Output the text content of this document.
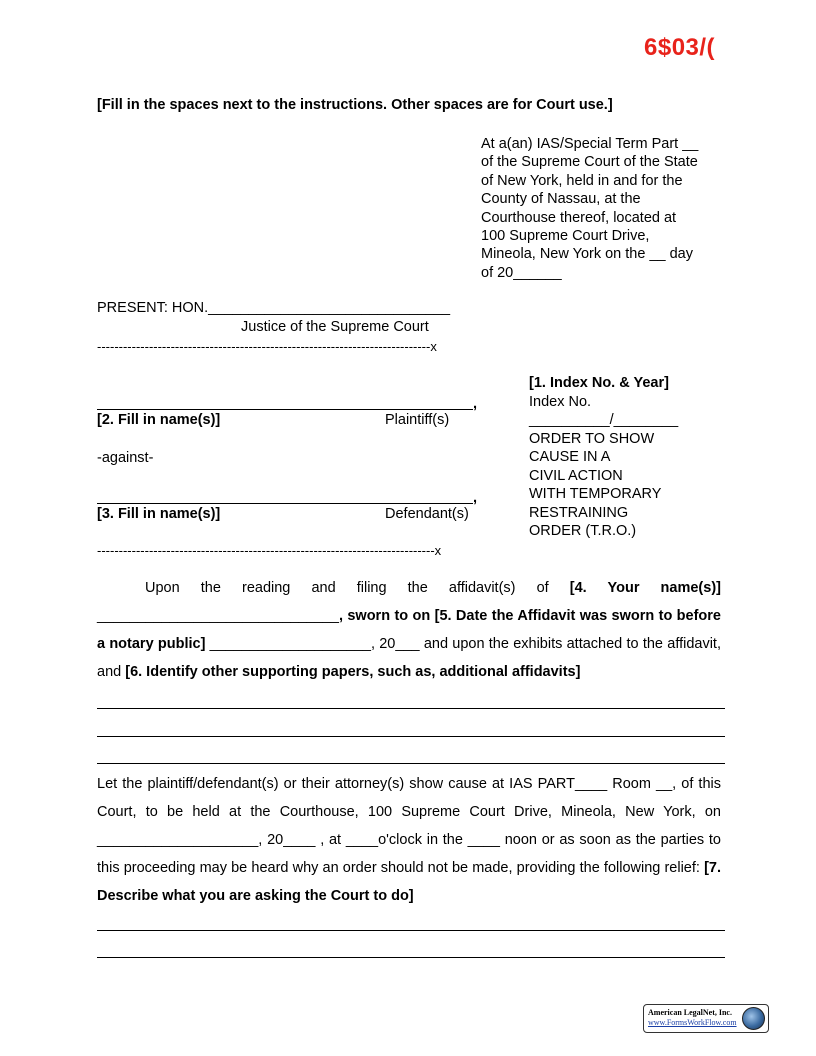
6$03/(
[Fill in the spaces next to the instructions. Other spaces are for Court use.]
At a(an) IAS/Special Term Part __
of the Supreme Court of the State
of New York, held in and for the
County of Nassau, at the
Courthouse thereof, located at
100 Supreme Court Drive,
Mineola, New York on the __ day
of 20______
PRESENT: HON.______________________________
Justice of the Supreme Court
-----------------------------------------------------------------------------x
,
[2. Fill in name(s)]	Plaintiff(s)
-against-
,
[3. Fill in name(s)]	Defendant(s)
------------------------------------------------------------------------------x
[1. Index No. & Year]
Index No.
__________/________
ORDER TO SHOW
CAUSE IN A
CIVIL ACTION
WITH TEMPORARY
RESTRAINING
ORDER (T.R.O.)
Upon the reading and filing the affidavit(s) of [4. Your name(s)] ______________________________, sworn to on [5. Date the Affidavit was sworn to before a notary public] ____________________, 20___ and upon the exhibits attached to the affidavit, and [6. Identify other supporting papers, such as, additional affidavits]
Let the plaintiff/defendant(s) or their attorney(s) show cause at IAS PART____ Room __, of this Court, to be held at the Courthouse, 100 Supreme Court Drive, Mineola, New York, on ____________________, 20____ , at ____o'clock in the ____ noon or as soon as the parties to this proceeding may be heard why an order should not be made, providing the following relief: [7. Describe what you are asking the Court to do]
American LegalNet, Inc.
www.FormsWorkFlow.com
